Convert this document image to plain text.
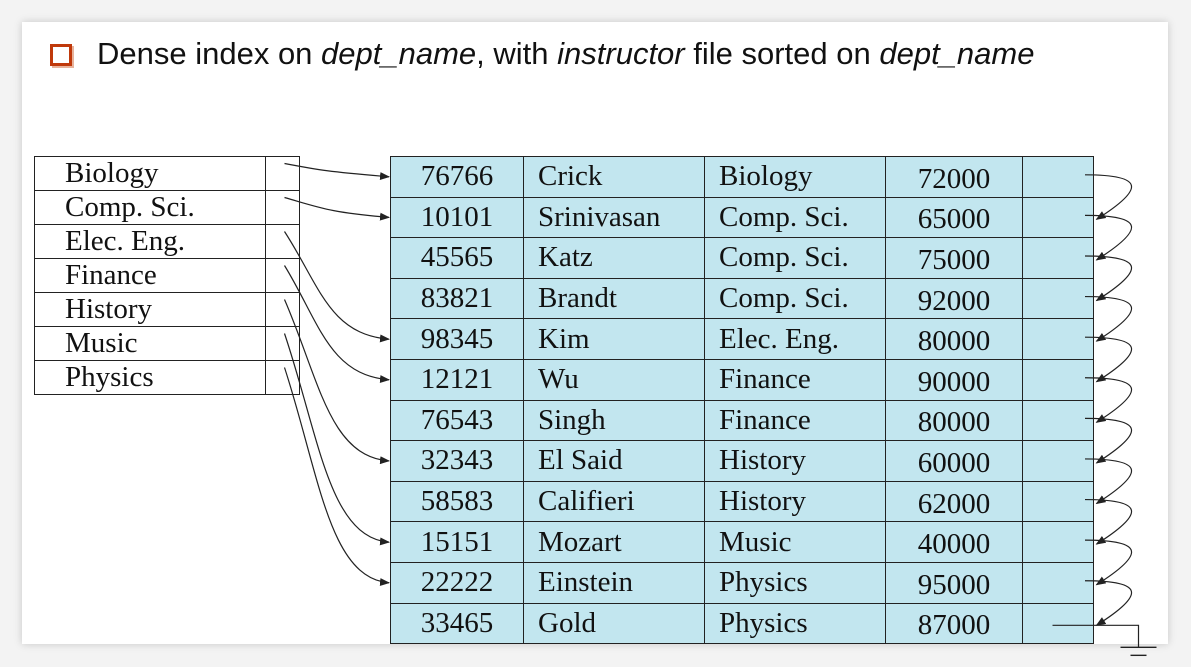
Dense index on dept_name, with instructor file sorted on dept_name
Biology	
Comp. Sci.	
Elec. Eng.	
Finance	
History	
Music	
Physics	
76766	Crick	Biology	72000	
10101	Srinivasan	Comp. Sci.	65000	
45565	Katz	Comp. Sci.	75000	
83821	Brandt	Comp. Sci.	92000	
98345	Kim	Elec. Eng.	80000	
12121	Wu	Finance	90000	
76543	Singh	Finance	80000	
32343	El Said	History	60000	
58583	Califieri	History	62000	
15151	Mozart	Music	40000	
22222	Einstein	Physics	95000	
33465	Gold	Physics	87000	
